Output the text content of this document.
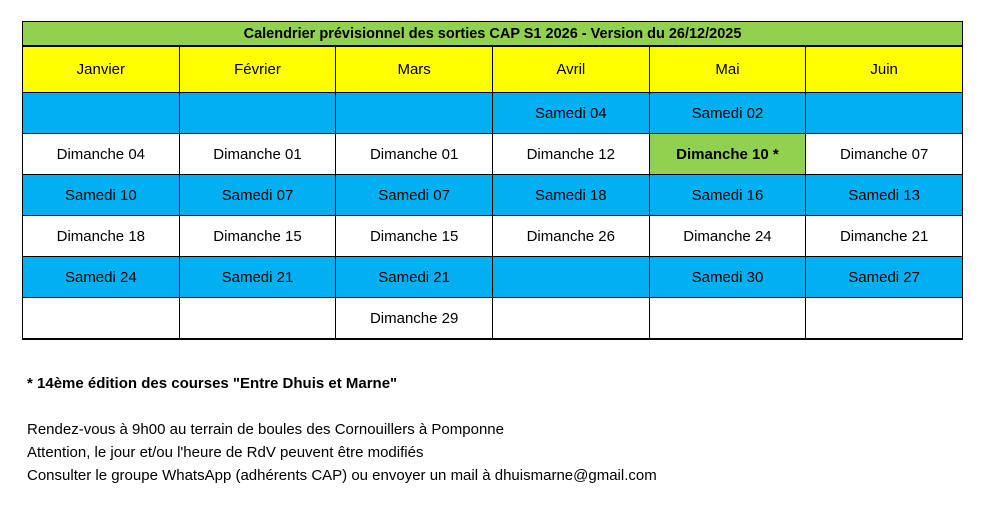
Calendrier prévisionnel des sorties CAP S1 2026 - Version du 26/12/2025					
Janvier	Février	Mars	Avril	Mai	Juin
			Samedi 04	Samedi 02	
Dimanche 04	Dimanche 01	Dimanche 01	Dimanche 12	Dimanche 10 *	Dimanche 07
Samedi 10	Samedi 07	Samedi 07	Samedi 18	Samedi 16	Samedi 13
Dimanche 18	Dimanche 15	Dimanche 15	Dimanche 26	Dimanche 24	Dimanche 21
Samedi 24	Samedi 21	Samedi 21		Samedi 30	Samedi 27
		Dimanche 29			
* 14ème édition des courses "Entre Dhuis et Marne"
Rendez-vous à 9h00 au terrain de boules des Cornouillers à Pomponne
Attention, le jour et/ou l'heure de RdV peuvent être modifiés
Consulter le groupe WhatsApp (adhérents CAP) ou envoyer un mail à dhuismarne@gmail.com
